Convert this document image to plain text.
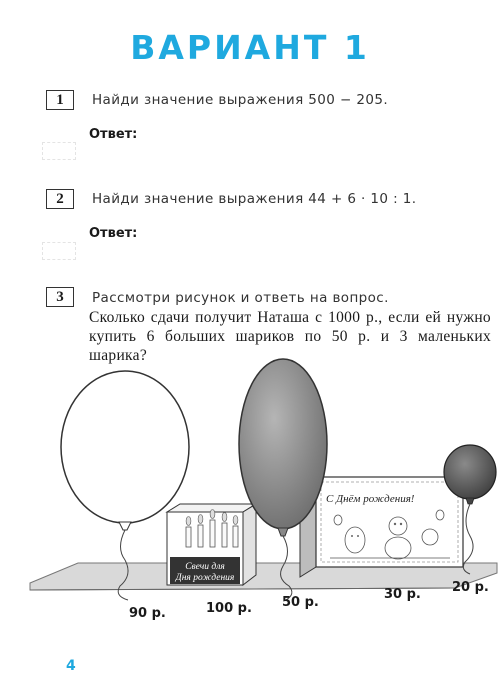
ВАРИАНТ 1
1	Найди значение выражения 500 − 205.
Ответ:
2	Найди значение выражения 44 + 6 · 10 : 1.
Ответ:
3	Рассмотри рисунок и ответь на вопрос.
Сколько сдачи получит Наташа с 1000 р., если ей нужно купить 6 больших шариков по 50 р. и 3 маленьких шарика?
Свечи для
Дня рождения
С Днём рождения!
90 р.	100 р. 50 р.
30 р. 20 р.
4
